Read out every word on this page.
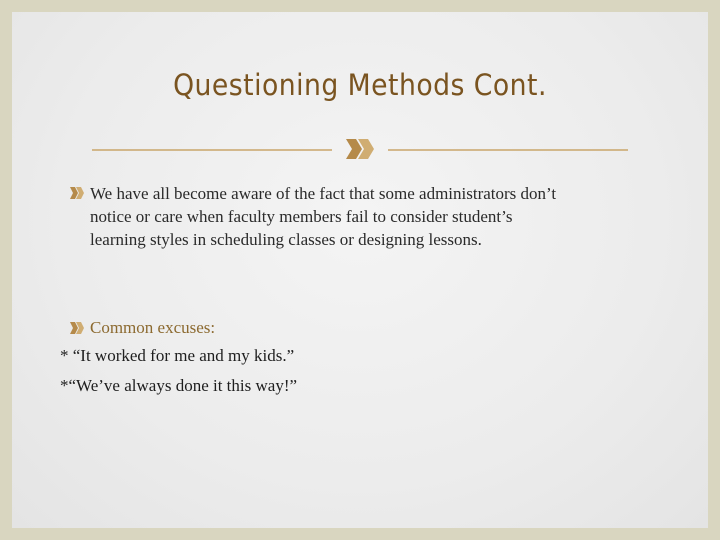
Questioning Methods Cont.
We have all become aware of the fact that some administrators don’t
notice or care when faculty members fail to consider student’s
learning styles in scheduling classes or designing lessons.
Common excuses:
* “It worked for me and my kids.”
*“We’ve always done it this way!”
